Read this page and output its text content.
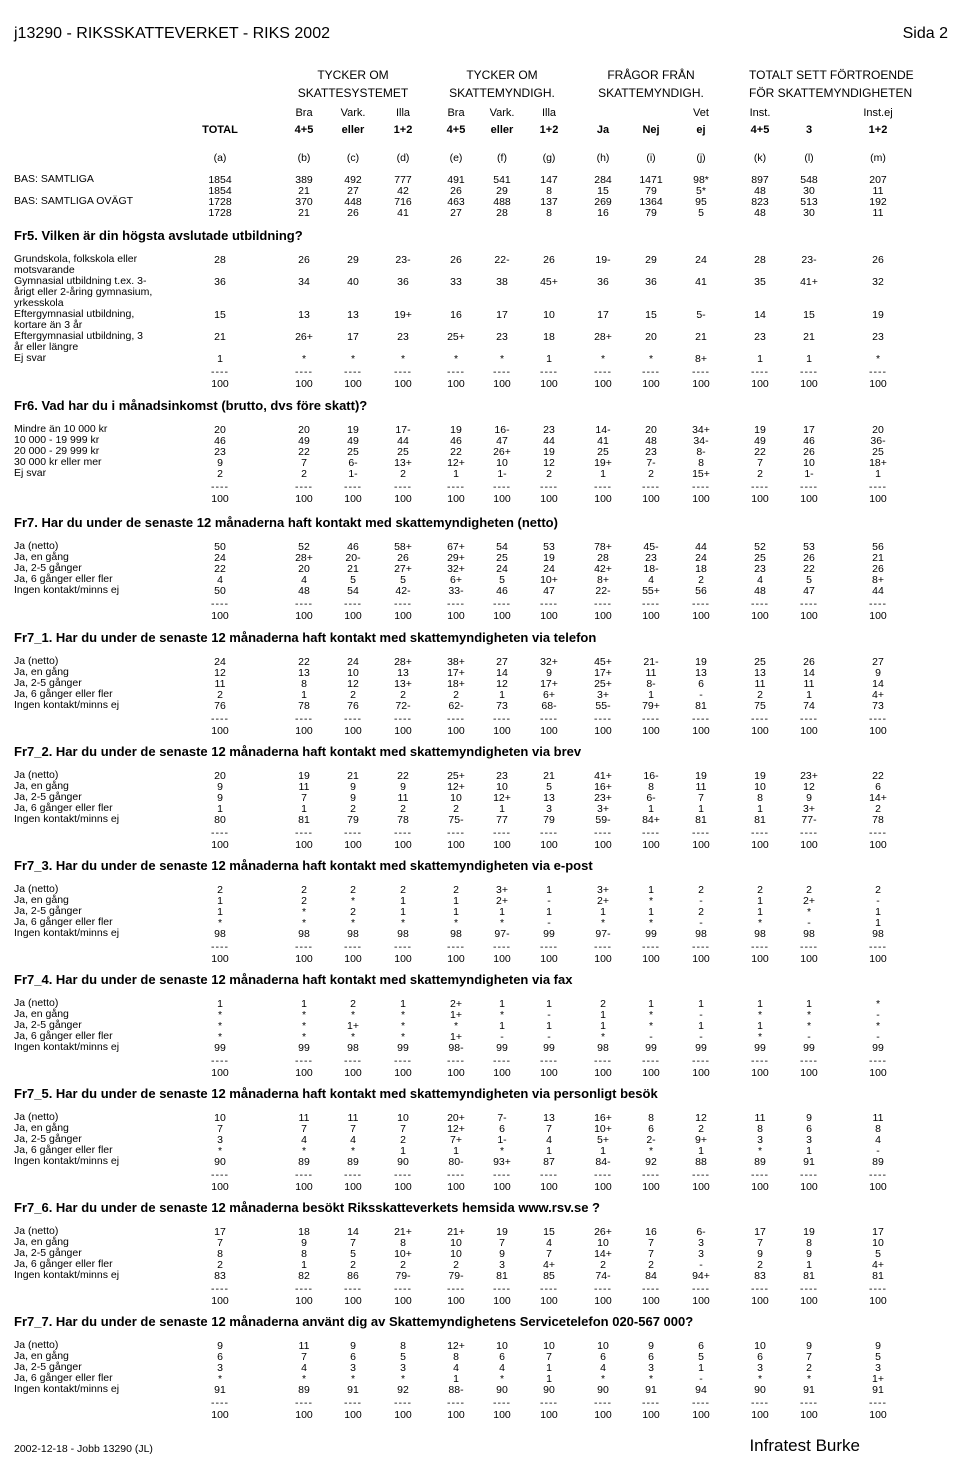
j13290 - RIKSSKATTEVERKET - RIKS 2002	Sida 2
TYCKER OM
SKATTESYSTEMET
TYCKER OM
SKATTEMYNDIGH.
FRÅGOR FRÅN
SKATTEMYNDIGH.
TOTALT SETT FÖRTROENDE
FÖR SKATTEMYNDIGHETEN
Bra	Vark.	Illa	Bra	Vark.	Illa	Vet	Inst.	Inst.ej
TOTAL	4+5	eller	1+2	4+5	eller	1+2	Ja	Nej	ej	4+5	3	1+2
(a)	(b)	(c)	(d)	(e)	(f)	(g)	(h)	(i)	(j)	(k)	(l)	(m)
BAS: SAMTLIGA	1854	389	492	777	491	541	147	284	1471	98*	897	548	207
1854	21	27	42	26	29	8	15	79	5*	48	30	11
BAS: SAMTLIGA OVÄGT	1728	370	448	716	463	488	137	269	1364	95	823	513	192
1728	21	26	41	27	28	8	16	79	5	48	30	11
Fr5. Vilken är din högsta avslutade utbildning?
Grundskola, folkskola eller
motsvarande
28	26	29	23-	26	22-	26	19-	29	24	28	23-	26
Gymnasial utbildning t.ex. 3-
årigt eller 2-åring gymnasium,
yrkesskola
36	34	40	36	33	38	45+	36	36	41	35	41+	32
Eftergymnasial utbildning,
kortare än 3 år
15	13	13	19+	16	17	10	17	15	5-	14	15	19
Eftergymnasial utbildning, 3
år eller längre
21	26+	17	23	25+	23	18	28+	20	21	23	21	23
Ej svar	1	*	*	*	*	*	1	*	*	8+	1	1	*
----	----	----	----	----	----	----	----	----	----	----	----	----
100	100	100	100	100	100	100	100	100	100	100	100	100
Fr6. Vad har du i månadsinkomst (brutto, dvs före skatt)?
Mindre än 10 000 kr	20	20	19	17-	19	16-	23	14-	20	34+	19	17	20
10 000 - 19 999 kr	46	49	49	44	46	47	44	41	48	34-	49	46	36-
20 000 - 29 999 kr	23	22	25	25	22	26+	19	25	23	8-	22	26	25
30 000 kr eller mer	9	7	6-	13+	12+	10	12	19+	7-	8	7	10	18+
Ej svar	2	2	1-	2	1	1-	2	1	2	15+	2	1-	1
----	----	----	----	----	----	----	----	----	----	----	----	----
100	100	100	100	100	100	100	100	100	100	100	100	100
Fr7. Har du under de senaste 12 månaderna haft kontakt med skattemyndigheten (netto)
Ja (netto)	50	52	46	58+	67+	54	53	78+	45-	44	52	53	56
Ja, en gång	24	28+	20-	26	29+	25	19	28	23	24	25	26	21
Ja, 2-5 gånger	22	20	21	27+	32+	24	24	42+	18-	18	23	22	26
Ja, 6 gånger eller fler	4	4	5	5	6+	5	10+	8+	4	2	4	5	8+
Ingen kontakt/minns ej	50	48	54	42-	33-	46	47	22-	55+	56	48	47	44
----	----	----	----	----	----	----	----	----	----	----	----	----
100	100	100	100	100	100	100	100	100	100	100	100	100
Fr7_1. Har du under de senaste 12 månaderna haft kontakt med skattemyndigheten via telefon
Ja (netto)	24	22	24	28+	38+	27	32+	45+	21-	19	25	26	27
Ja, en gång	12	13	10	13	17+	14	9	17+	11	13	13	14	9
Ja, 2-5 gånger	11	8	12	13+	18+	12	17+	25+	8-	6	11	11	14
Ja, 6 gånger eller fler	2	1	2	2	2	1	6+	3+	1	-	2	1	4+
Ingen kontakt/minns ej	76	78	76	72-	62-	73	68-	55-	79+	81	75	74	73
----	----	----	----	----	----	----	----	----	----	----	----	----
100	100	100	100	100	100	100	100	100	100	100	100	100
Fr7_2. Har du under de senaste 12 månaderna haft kontakt med skattemyndigheten via brev
Ja (netto)	20	19	21	22	25+	23	21	41+	16-	19	19	23+	22
Ja, en gång	9	11	9	9	12+	10	5	16+	8	11	10	12	6
Ja, 2-5 gånger	9	7	9	11	10	12+	13	23+	6-	7	8	9	14+
Ja, 6 gånger eller fler	1	1	2	2	2	1	3	3+	1	1	1	3+	2
Ingen kontakt/minns ej	80	81	79	78	75-	77	79	59-	84+	81	81	77-	78
----	----	----	----	----	----	----	----	----	----	----	----	----
100	100	100	100	100	100	100	100	100	100	100	100	100
Fr7_3. Har du under de senaste 12 månaderna haft kontakt med skattemyndigheten via e-post
Ja (netto)	2	2	2	2	2	3+	1	3+	1	2	2	2	2
Ja, en gång	1	2	*	1	1	2+	-	2+	*	-	1	2+	-
Ja, 2-5 gånger	1	*	2	1	1	1	1	1	1	2	1	*	1
Ja, 6 gånger eller fler	*	*	*	*	*	*	-	*	*	-	*	-	1
Ingen kontakt/minns ej	98	98	98	98	98	97-	99	97-	99	98	98	98	98
----	----	----	----	----	----	----	----	----	----	----	----	----
100	100	100	100	100	100	100	100	100	100	100	100	100
Fr7_4. Har du under de senaste 12 månaderna haft kontakt med skattemyndigheten via fax
Ja (netto)	1	1	2	1	2+	1	1	2	1	1	1	1	*
Ja, en gång	*	*	*	*	1+	*	-	1	*	-	*	*	-
Ja, 2-5 gånger	*	*	1+	*	*	1	1	1	*	1	1	*	*
Ja, 6 gånger eller fler	*	*	*	*	1+	-	-	*	-	-	*	-	-
Ingen kontakt/minns ej	99	99	98	99	98-	99	99	98	99	99	99	99	99
----	----	----	----	----	----	----	----	----	----	----	----	----
100	100	100	100	100	100	100	100	100	100	100	100	100
Fr7_5. Har du under de senaste 12 månaderna haft kontakt med skattemyndigheten via personligt besök
Ja (netto)	10	11	11	10	20+	7-	13	16+	8	12	11	9	11
Ja, en gång	7	7	7	7	12+	6	7	10+	6	2	8	6	8
Ja, 2-5 gånger	3	4	4	2	7+	1-	4	5+	2-	9+	3	3	4
Ja, 6 gånger eller fler	*	*	*	1	1	*	1	1	*	1	*	1	-
Ingen kontakt/minns ej	90	89	89	90	80-	93+	87	84-	92	88	89	91	89
----	----	----	----	----	----	----	----	----	----	----	----	----
100	100	100	100	100	100	100	100	100	100	100	100	100
Fr7_6. Har du under de senaste 12 månaderna besökt Riksskatteverkets hemsida www.rsv.se ?
Ja (netto)	17	18	14	21+	21+	19	15	26+	16	6-	17	19	17
Ja, en gång	7	9	7	8	10	7	4	10	7	3	7	8	10
Ja, 2-5 gånger	8	8	5	10+	10	9	7	14+	7	3	9	9	5
Ja, 6 gånger eller fler	2	1	2	2	2	3	4+	2	2	-	2	1	4+
Ingen kontakt/minns ej	83	82	86	79-	79-	81	85	74-	84	94+	83	81	81
----	----	----	----	----	----	----	----	----	----	----	----	----
100	100	100	100	100	100	100	100	100	100	100	100	100
Fr7_7. Har du under de senaste 12 månaderna använt dig av Skattemyndighetens Servicetelefon 020-567 000?
Ja (netto)	9	11	9	8	12+	10	10	10	9	6	10	9	9
Ja, en gång	6	7	6	5	8	6	7	6	6	5	6	7	5
Ja, 2-5 gånger	3	4	3	3	4	4	1	4	3	1	3	2	3
Ja, 6 gånger eller fler	*	*	*	*	1	*	1	*	*	-	*	*	1+
Ingen kontakt/minns ej	91	89	91	92	88-	90	90	90	91	94	90	91	91
----	----	----	----	----	----	----	----	----	----	----	----	----
100	100	100	100	100	100	100	100	100	100	100	100	100
2002-12-18 - Jobb 13290 (JL)	Infratest Burke
